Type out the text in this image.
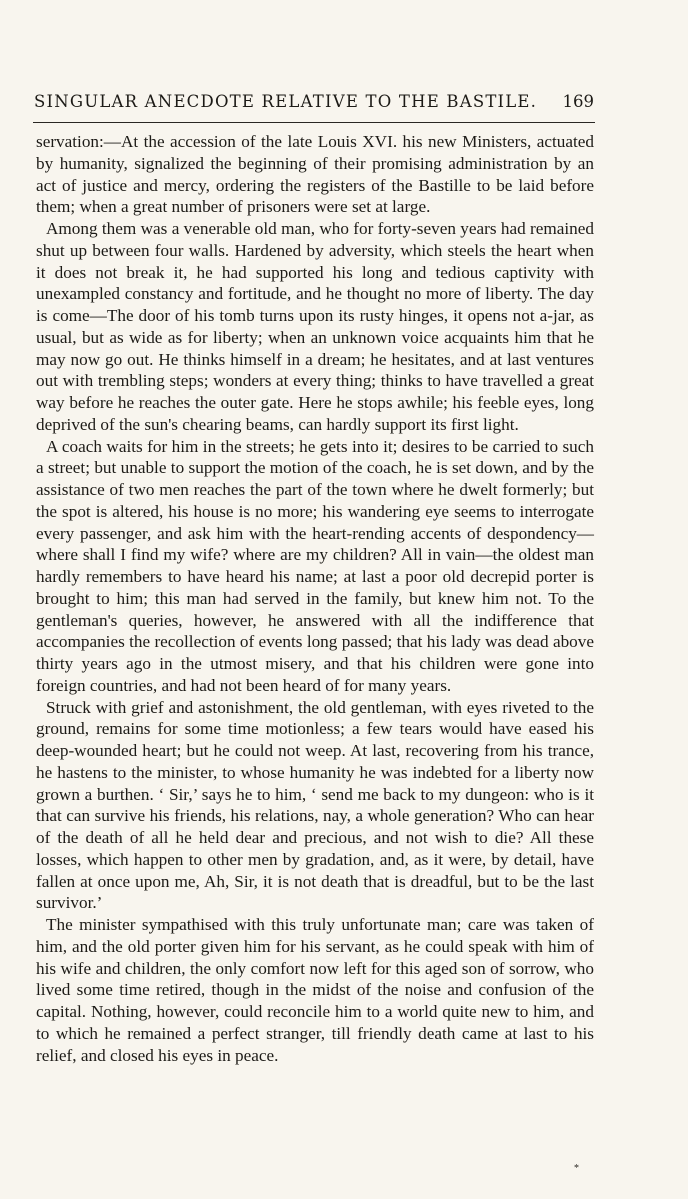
SINGULAR ANECDOTE RELATIVE TO THE BASTILE. 169

servation:—At the accession of the late Louis XVI. his new Ministers, actuated by humanity, signalized the beginning of their promising administration by an act of justice and mercy, ordering the registers of the Bastille to be laid before them; when a great number of prisoners were set at large.

Among them was a venerable old man, who for forty-seven years had remained shut up between four walls. Hardened by adversity, which steels the heart when it does not break it, he had supported his long and tedious captivity with unexampled constancy and fortitude, and he thought no more of liberty. The day is come—The door of his tomb turns upon its rusty hinges, it opens not a-jar, as usual, but as wide as for liberty; when an unknown voice acquaints him that he may now go out. He thinks himself in a dream; he hesitates, and at last ventures out with trembling steps; wonders at every thing; thinks to have travelled a great way before he reaches the outer gate. Here he stops awhile; his feeble eyes, long deprived of the sun's chearing beams, can hardly support its first light.

A coach waits for him in the streets; he gets into it; desires to be carried to such a street; but unable to support the motion of the coach, he is set down, and by the assistance of two men reaches the part of the town where he dwelt formerly; but the spot is altered, his house is no more; his wandering eye seems to interrogate every passenger, and ask him with the heart-rending accents of despondency—where shall I find my wife? where are my children? All in vain—the oldest man hardly remembers to have heard his name; at last a poor old decrepid porter is brought to him; this man had served in the family, but knew him not. To the gentleman's queries, however, he answered with all the indifference that accompanies the recollection of events long passed; that his lady was dead above thirty years ago in the utmost misery, and that his children were gone into foreign countries, and had not been heard of for many years.

Struck with grief and astonishment, the old gentleman, with eyes riveted to the ground, remains for some time motionless; a few tears would have eased his deep-wounded heart; but he could not weep. At last, recovering from his trance, he hastens to the minister, to whose humanity he was indebted for a liberty now grown a burthen. ‘ Sir,’ says he to him, ‘ send me back to my dungeon: who is it that can survive his friends, his relations, nay, a whole generation? Who can hear of the death of all he held dear and precious, and not wish to die? All these losses, which happen to other men by gradation, and, as it were, by detail, have fallen at once upon me, Ah, Sir, it is not death that is dreadful, but to be the last survivor.’

The minister sympathised with this truly unfortunate man; care was taken of him, and the old porter given him for his servant, as he could speak with him of his wife and children, the only comfort now left for this aged son of sorrow, who lived some time retired, though in the midst of the noise and confusion of the capital. Nothing, however, could reconcile him to a world quite new to him, and to which he remained a perfect stranger, till friendly death came at last to his relief, and closed his eyes in peace.

*
